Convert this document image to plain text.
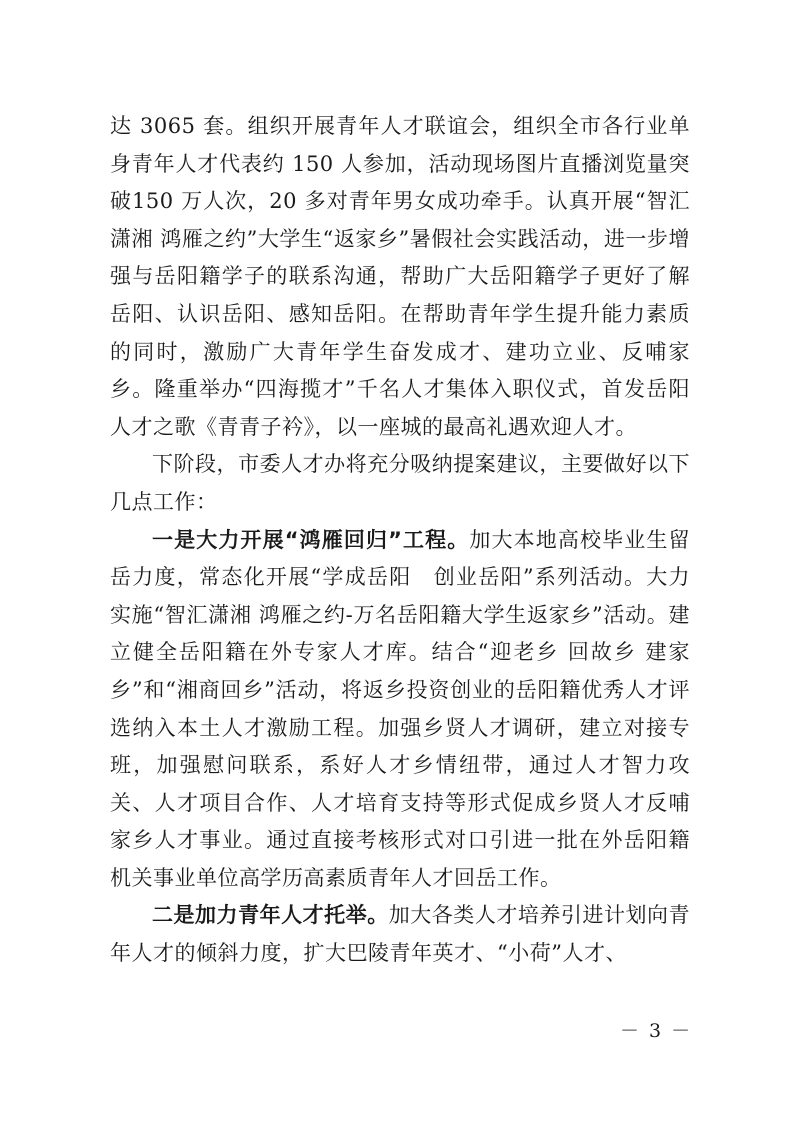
达 3065 套。组织开展青年人才联谊会，组织全市各行业单身青年人才代表约 150 人参加，活动现场图片直播浏览量突破150 万人次，20 多对青年男女成功牵手。认真开展“智汇潇湘 鸿雁之约”大学生“返家乡”暑假社会实践活动，进一步增强与岳阳籍学子的联系沟通，帮助广大岳阳籍学子更好了解岳阳、认识岳阳、感知岳阳。在帮助青年学生提升能力素质的同时，激励广大青年学生奋发成才、建功立业、反哺家乡。隆重举办“四海揽才”千名人才集体入职仪式，首发岳阳人才之歌《青青子衿》，以一座城的最高礼遇欢迎人才。

下阶段，市委人才办将充分吸纳提案建议，主要做好以下几点工作：

一是大力开展“鸿雁回归”工程。加大本地高校毕业生留岳力度，常态化开展“学成岳阳　创业岳阳”系列活动。大力实施“智汇潇湘 鸿雁之约-万名岳阳籍大学生返家乡”活动。建立健全岳阳籍在外专家人才库。结合“迎老乡 回故乡 建家乡”和“湘商回乡”活动，将返乡投资创业的岳阳籍优秀人才评选纳入本土人才激励工程。加强乡贤人才调研，建立对接专班，加强慰问联系，系好人才乡情纽带，通过人才智力攻关、人才项目合作、人才培育支持等形式促成乡贤人才反哺家乡人才事业。通过直接考核形式对口引进一批在外岳阳籍机关事业单位高学历高素质青年人才回岳工作。

二是加力青年人才托举。加大各类人才培养引进计划向青年人才的倾斜力度，扩大巴陵青年英才、“小荷”人才、

－ 3 －
